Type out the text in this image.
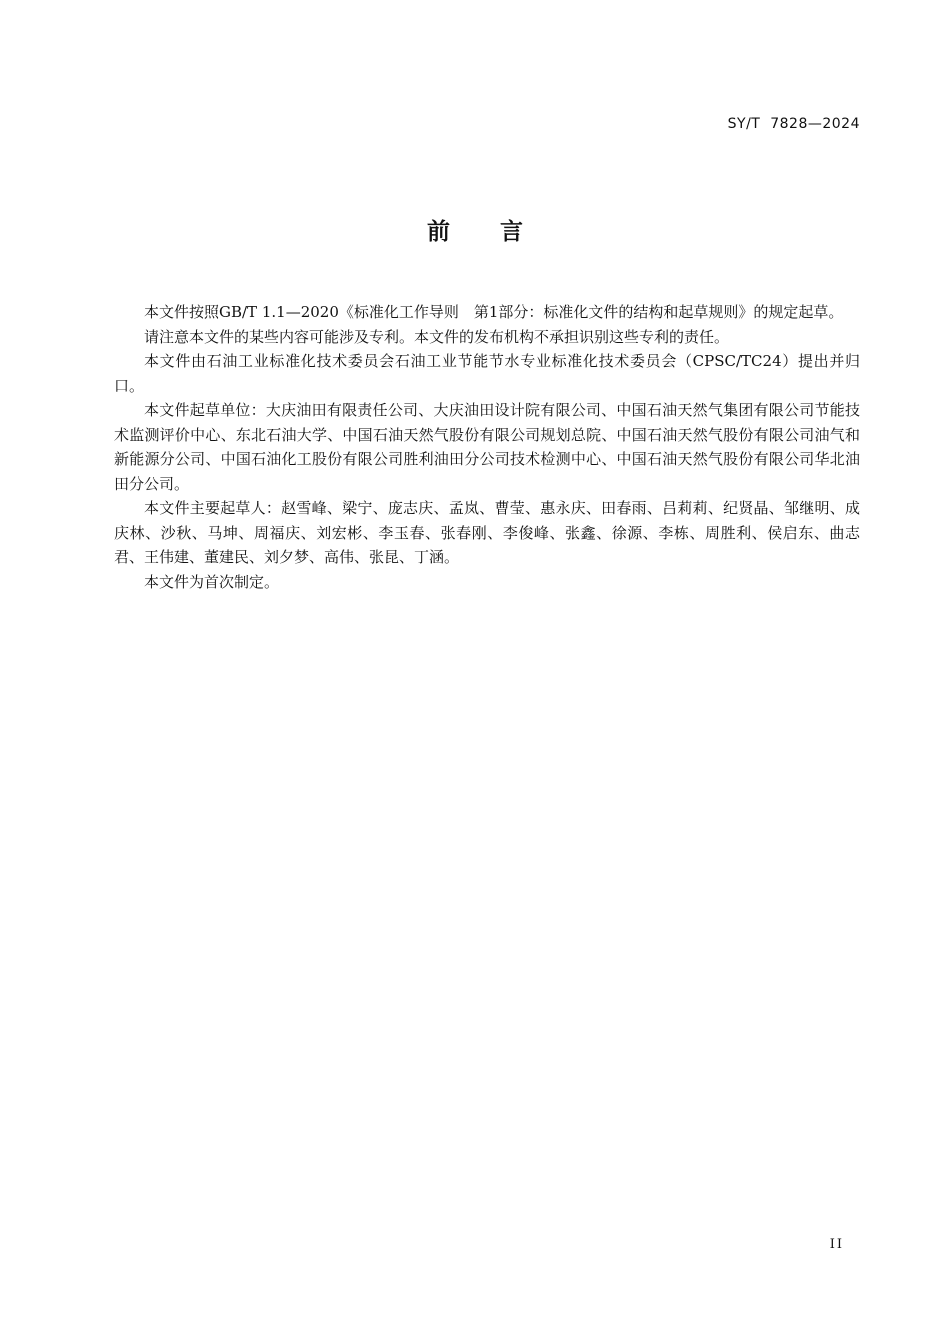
SY/T  7828—2024
前言

本文件按照GB/T 1.1—2020《标准化工作导则　第1部分：标准化文件的结构和起草规则》的规定起草。

请注意本文件的某些内容可能涉及专利。本文件的发布机构不承担识别这些专利的责任。

本文件由石油工业标准化技术委员会石油工业节能节水专业标准化技术委员会（CPSC/TC24）提出并归口。

本文件起草单位：大庆油田有限责任公司、大庆油田设计院有限公司、中国石油天然气集团有限公司节能技术监测评价中心、东北石油大学、中国石油天然气股份有限公司规划总院、中国石油天然气股份有限公司油气和新能源分公司、中国石油化工股份有限公司胜利油田分公司技术检测中心、中国石油天然气股份有限公司华北油田分公司。

本文件主要起草人：赵雪峰、梁宁、庞志庆、孟岚、曹莹、惠永庆、田春雨、吕莉莉、纪贤晶、邹继明、成庆林、沙秋、马坤、周福庆、刘宏彬、李玉春、张春刚、李俊峰、张鑫、徐源、李栋、周胜利、侯启东、曲志君、王伟建、董建民、刘夕梦、高伟、张昆、丁涵。

本文件为首次制定。

II
